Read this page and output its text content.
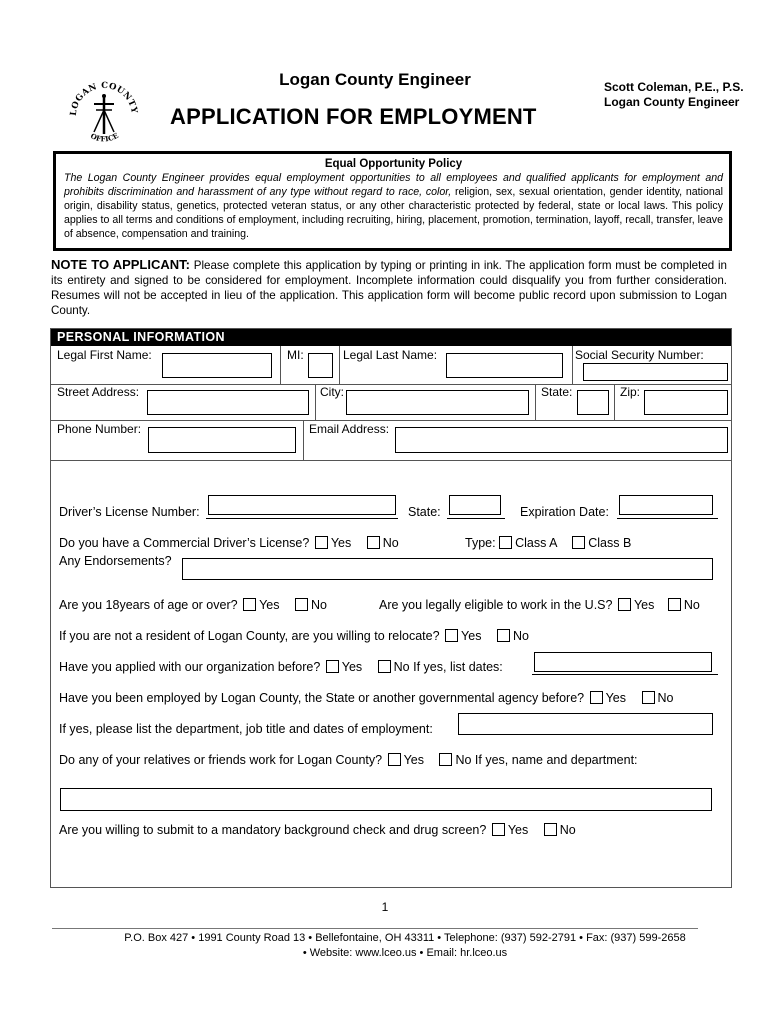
LOGAN COUNTY
OFFICE
Logan County Engineer
APPLICATION FOR EMPLOYMENT
Scott Coleman, P.E., P.S.
Logan County Engineer
Equal Opportunity Policy
The Logan County Engineer provides equal employment opportunities to all employees and qualified applicants for employment and prohibits discrimination and harassment of any type without regard to race, color, religion, sex, sexual orientation, gender identity, national origin, disability status, genetics, protected veteran status, or any other characteristic protected by federal, state or local laws. This policy applies to all terms and conditions of employment, including recruiting, hiring, placement, promotion, termination, layoff, recall, transfer, leave of absence, compensation and training.
NOTE TO APPLICANT: Please complete this application by typing or printing in ink. The application form must be completed in its entirety and signed to be considered for employment. Incomplete information could disqualify you from further consideration. Resumes will not be accepted in lieu of the application. This application form will become public record upon submission to Logan County.
PERSONAL INFORMATION
Legal First Name:	MI:	Legal Last Name:	Social Security Number:
Street Address:	City:	State:	Zip:
Phone Number:	Email Address:
Driver’s License Number:	State:	Expiration Date:
Do you have a Commercial Driver’s License? Yes	No	Type: Class A	Class B
Any Endorsements?
Are you 18years of age or over? Yes	No	Are you legally eligible to work in the U.S? Yes No
If you are not a resident of Logan County, are you willing to relocate? Yes	No
Have you applied with our organization before? Yes	No If yes, list dates:
Have you been employed by Logan County, the State or another governmental agency before? Yes	No
If yes, please list the department, job title and dates of employment:
Do any of your relatives or friends work for Logan County? Yes	No If yes, name and department:
Are you willing to submit to a mandatory background check and drug screen? Yes	No
1
P.O. Box 427 • 1991 County Road 13 • Bellefontaine, OH 43311 • Telephone: (937) 592-2791 • Fax: (937) 599-2658
• Website: www.lceo.us • Email: hr.lceo.us
